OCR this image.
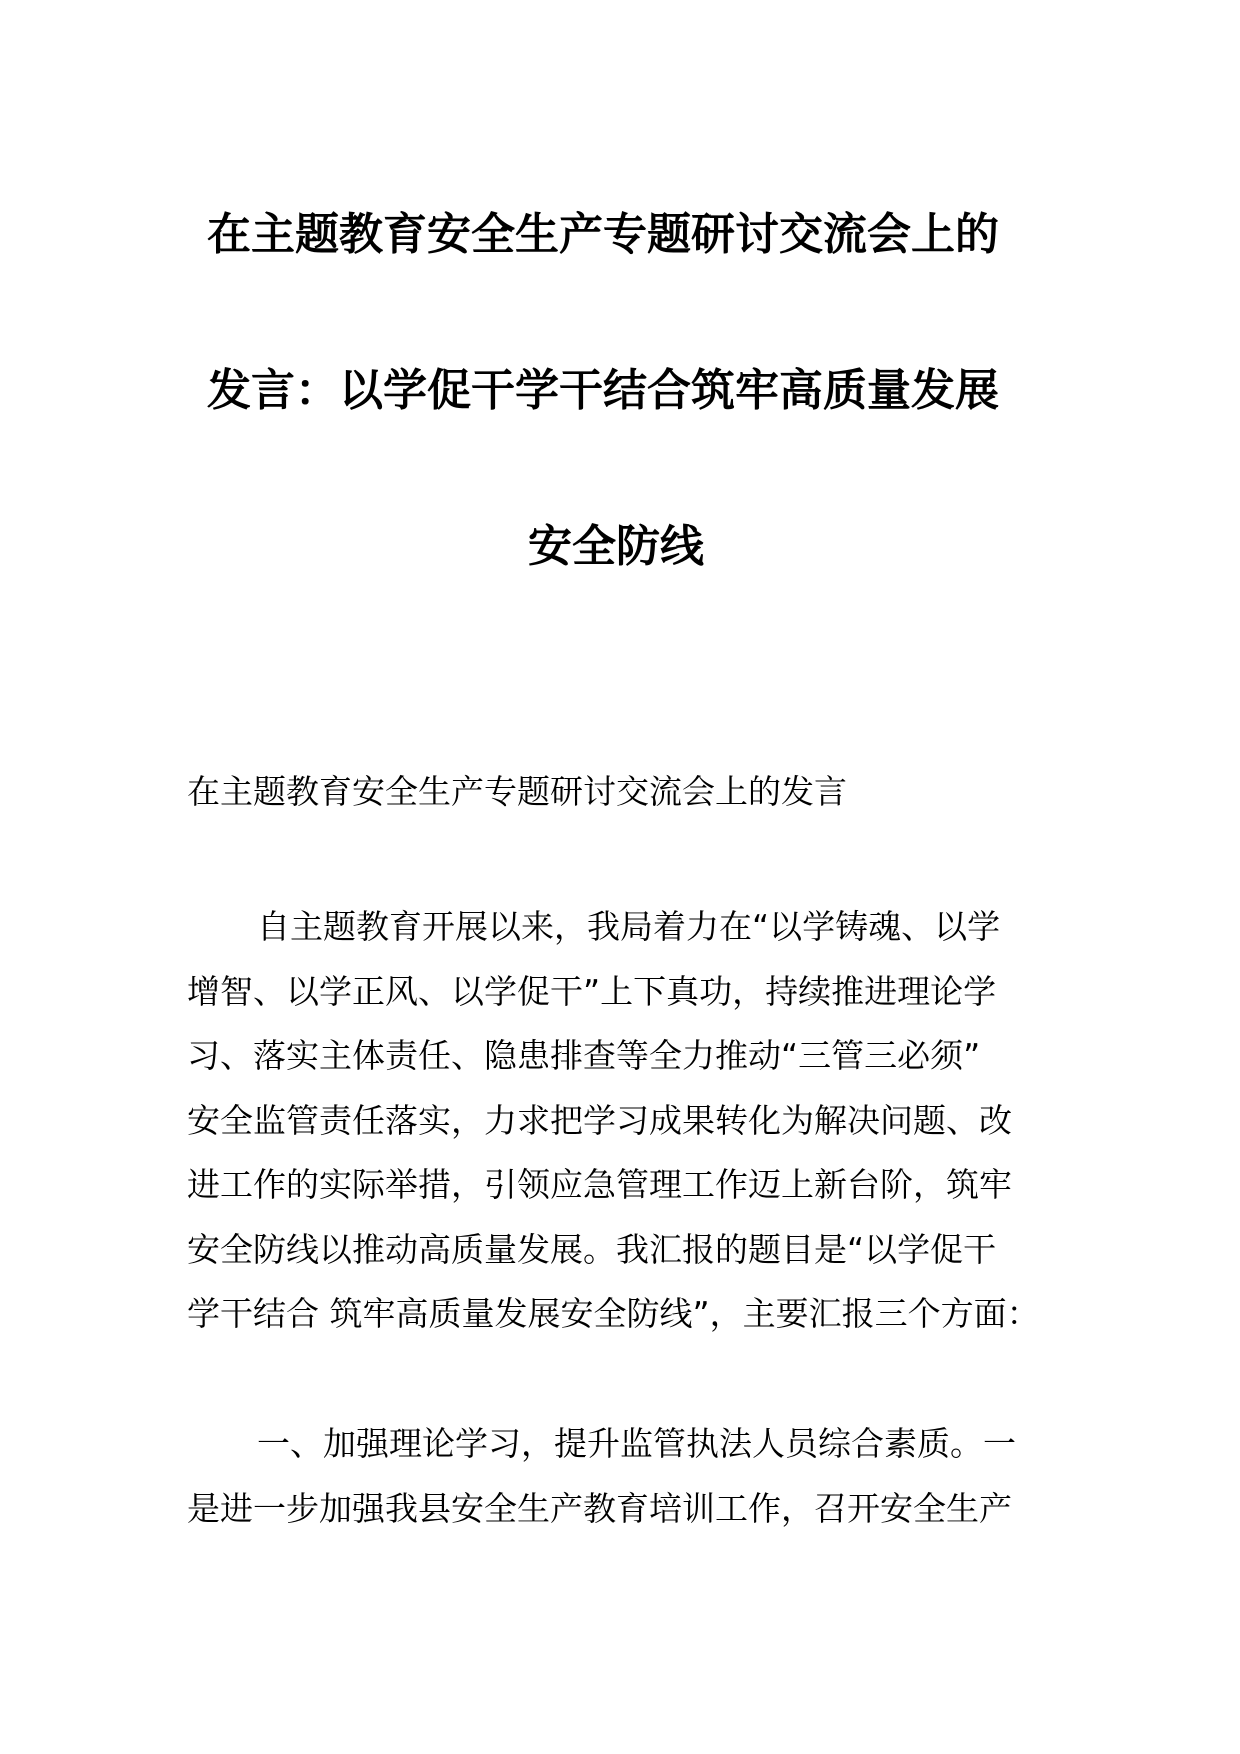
在主题教育安全生产专题研讨交流会上的
发言：以学促干学干结合筑牢高质量发展
安全防线

在主题教育安全生产专题研讨交流会上的发言

自主题教育开展以来，我局着力在“以学铸魂、以学
增智、以学正风、以学促干”上下真功，持续推进理论学
习、落实主体责任、隐患排查等全力推动“三管三必须”
安全监管责任落实，力求把学习成果转化为解决问题、改
进工作的实际举措，引领应急管理工作迈上新台阶，筑牢
安全防线以推动高质量发展。我汇报的题目是“以学促干
学干结合 筑牢高质量发展安全防线”，主要汇报三个方面：
一、加强理论学习，提升监管执法人员综合素质。一
是进一步加强我县安全生产教育培训工作，召开安全生产
